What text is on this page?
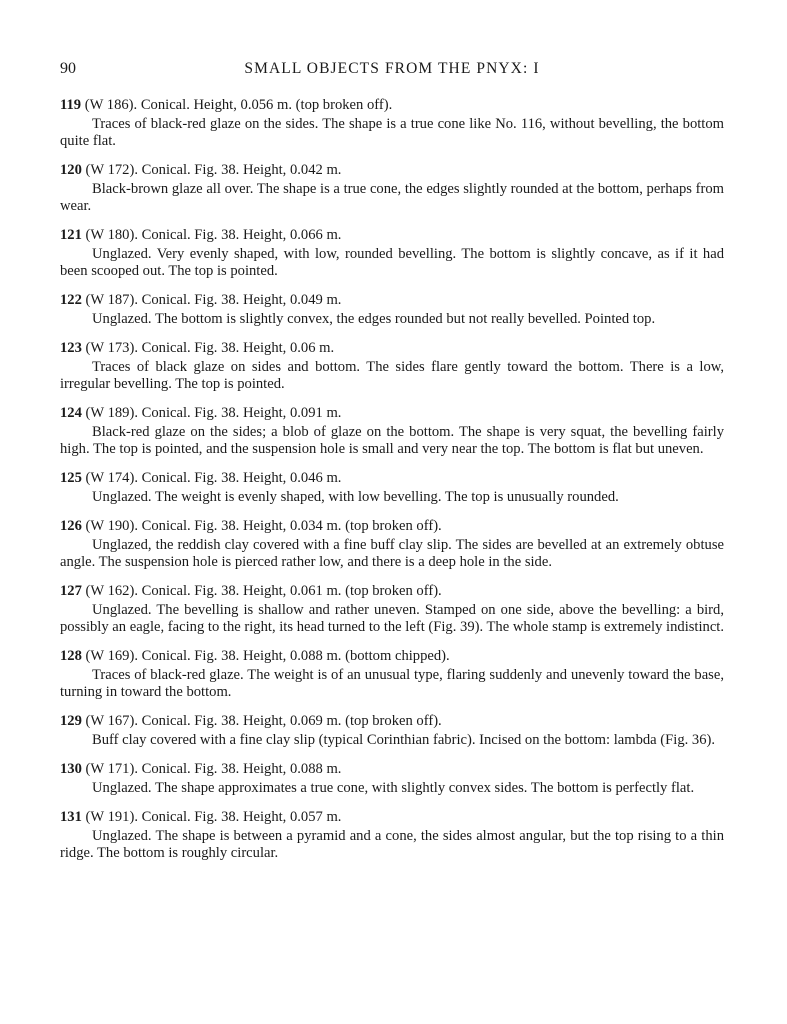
90	SMALL OBJECTS FROM THE PNYX: I

119 (W 186). Conical. Height, 0.056 m. (top broken off).

Traces of black-red glaze on the sides. The shape is a true cone like No. 116, without bevelling, the bottom quite flat.

120 (W 172). Conical. Fig. 38. Height, 0.042 m.

Black-brown glaze all over. The shape is a true cone, the edges slightly rounded at the bottom, perhaps from wear.

121 (W 180). Conical. Fig. 38. Height, 0.066 m.

Unglazed. Very evenly shaped, with low, rounded bevelling. The bottom is slightly concave, as if it had been scooped out. The top is pointed.

122 (W 187). Conical. Fig. 38. Height, 0.049 m.

Unglazed. The bottom is slightly convex, the edges rounded but not really bevelled. Pointed top.

123 (W 173). Conical. Fig. 38. Height, 0.06 m.

Traces of black glaze on sides and bottom. The sides flare gently toward the bottom. There is a low, irregular bevelling. The top is pointed.

124 (W 189). Conical. Fig. 38. Height, 0.091 m.

Black-red glaze on the sides; a blob of glaze on the bottom. The shape is very squat, the bevelling fairly high. The top is pointed, and the suspension hole is small and very near the top. The bottom is flat but uneven.

125 (W 174). Conical. Fig. 38. Height, 0.046 m.

Unglazed. The weight is evenly shaped, with low bevelling. The top is unusually rounded.

126 (W 190). Conical. Fig. 38. Height, 0.034 m. (top broken off).

Unglazed, the reddish clay covered with a fine buff clay slip. The sides are bevelled at an extremely obtuse angle. The suspension hole is pierced rather low, and there is a deep hole in the side.

127 (W 162). Conical. Fig. 38. Height, 0.061 m. (top broken off).

Unglazed. The bevelling is shallow and rather uneven. Stamped on one side, above the bevelling: a bird, possibly an eagle, facing to the right, its head turned to the left (Fig. 39). The whole stamp is extremely indistinct.

128 (W 169). Conical. Fig. 38. Height, 0.088 m. (bottom chipped).

Traces of black-red glaze. The weight is of an unusual type, flaring suddenly and unevenly toward the base, turning in toward the bottom.

129 (W 167). Conical. Fig. 38. Height, 0.069 m. (top broken off).

Buff clay covered with a fine clay slip (typical Corinthian fabric). Incised on the bottom: lambda (Fig. 36).

130 (W 171). Conical. Fig. 38. Height, 0.088 m.

Unglazed. The shape approximates a true cone, with slightly convex sides. The bottom is perfectly flat.

131 (W 191). Conical. Fig. 38. Height, 0.057 m.

Unglazed. The shape is between a pyramid and a cone, the sides almost angular, but the top rising to a thin ridge. The bottom is roughly circular.
